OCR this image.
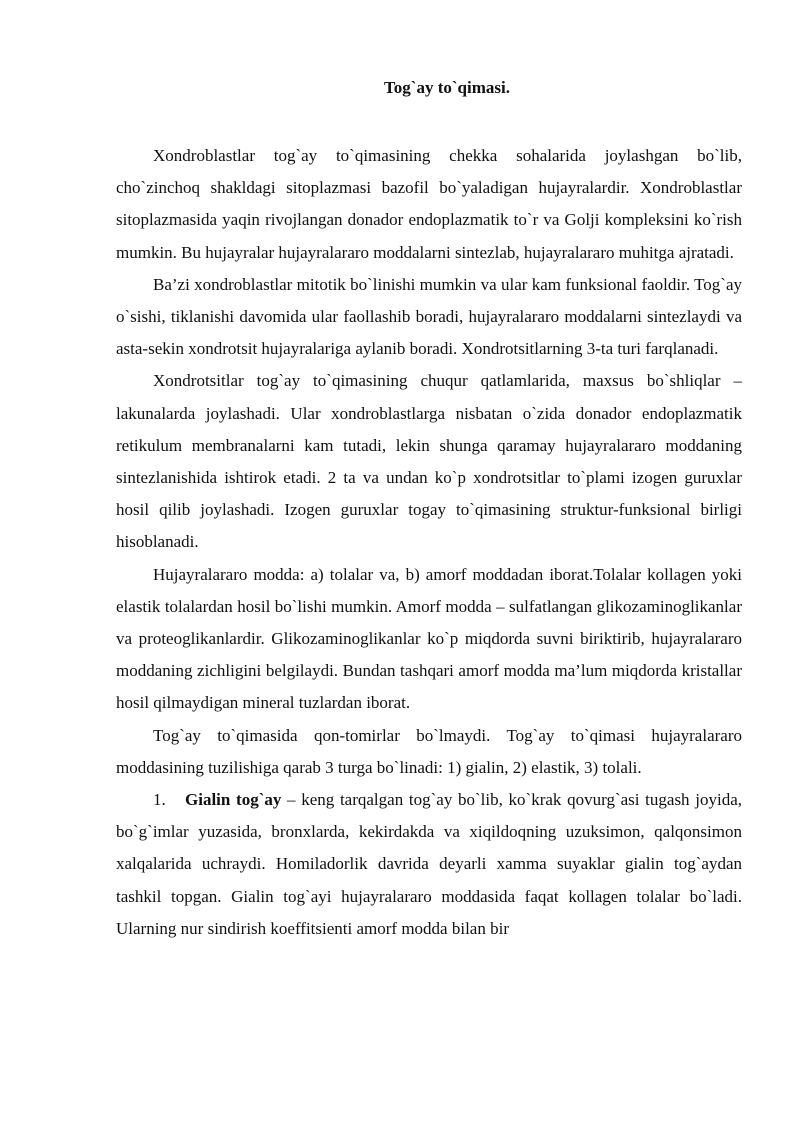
Tog`ay to`qimasi.

Xondroblastlar tog`ay to`qimasining chekka sohalarida joylashgan bo`lib, cho`zinchoq shakldagi sitoplazmasi bazofil bo`yaladigan hujayralardir. Xondroblastlar sitoplazmasida yaqin rivojlangan donador endoplazmatik to`r va Golji kompleksini ko`rish mumkin. Bu hujayralar hujayralararo moddalarni sintezlab, hujayralararo muhitga ajratadi.

Ba’zi xondroblastlar mitotik bo`linishi mumkin va ular kam funksional faoldir. Tog`ay o`sishi, tiklanishi davomida ular faollashib boradi, hujayralararo moddalarni sintezlaydi va asta-sekin xondrotsit hujayralariga aylanib boradi. Xondrotsitlarning 3-ta turi farqlanadi.

Xondrotsitlar tog`ay to`qimasining chuqur qatlamlarida, maxsus bo`shliqlar – lakunalarda joylashadi. Ular xondroblastlarga nisbatan o`zida donador endoplazmatik retikulum membranalarni kam tutadi, lekin shunga qaramay hujayralararo moddaning sintezlanishida ishtirok etadi. 2 ta va undan ko`p xondrotsitlar to`plami izogen guruxlar hosil qilib joylashadi. Izogen guruxlar togay to`qimasining struktur-funksional birligi hisoblanadi.

Hujayralararo modda: a) tolalar va, b) amorf moddadan iborat.Tolalar kollagen yoki elastik tolalardan hosil bo`lishi mumkin. Amorf modda – sulfatlangan glikozaminoglikanlar va proteoglikanlardir. Glikozaminoglikanlar ko`p miqdorda suvni biriktirib, hujayralararo moddaning zichligini belgilaydi. Bundan tashqari amorf modda ma’lum miqdorda kristallar hosil qilmaydigan mineral tuzlardan iborat.

Tog`ay to`qimasida qon-tomirlar bo`lmaydi. Tog`ay to`qimasi hujayralararo moddasining tuzilishiga qarab 3 turga bo`linadi: 1) gialin, 2) elastik, 3) tolali.

1. Gialin tog`ay – keng tarqalgan tog`ay bo`lib, ko`krak qovurg`asi tugash joyida, bo`g`imlar yuzasida, bronxlarda, kekirdakda va xiqildoqning uzuksimon, qalqonsimon xalqalarida uchraydi. Homiladorlik davrida deyarli xamma suyaklar gialin tog`aydan tashkil topgan. Gialin tog`ayi hujayralararo moddasida faqat kollagen tolalar bo`ladi. Ularning nur sindirish koeffitsienti amorf modda bilan bir
